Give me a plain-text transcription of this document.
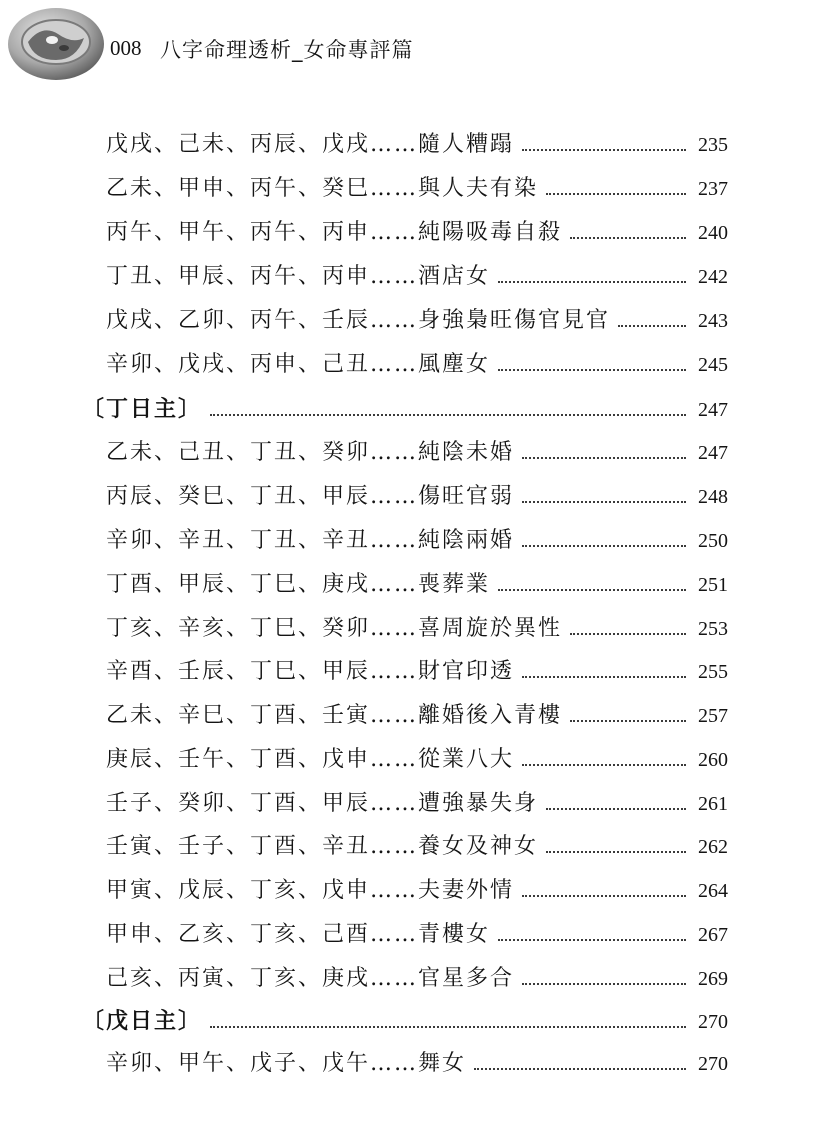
008 八字命理透析_女命專評篇
戊戌、己未、丙辰、戊戌……隨人糟蹋	235
乙未、甲申、丙午、癸巳……與人夫有染	237
丙午、甲午、丙午、丙申……純陽吸毒自殺	240
丁丑、甲辰、丙午、丙申……酒店女	242
戊戌、乙卯、丙午、壬辰……身強梟旺傷官見官	243
辛卯、戊戌、丙申、己丑……風塵女	245
〔丁日主〕	247
乙未、己丑、丁丑、癸卯……純陰未婚	247
丙辰、癸巳、丁丑、甲辰……傷旺官弱	248
辛卯、辛丑、丁丑、辛丑……純陰兩婚	250
丁酉、甲辰、丁巳、庚戌……喪葬業	251
丁亥、辛亥、丁巳、癸卯……喜周旋於異性	253
辛酉、壬辰、丁巳、甲辰……財官印透	255
乙未、辛巳、丁酉、壬寅……離婚後入青樓	257
庚辰、壬午、丁酉、戊申……從業八大	260
壬子、癸卯、丁酉、甲辰……遭強暴失身	261
壬寅、壬子、丁酉、辛丑……養女及神女	262
甲寅、戊辰、丁亥、戊申……夫妻外情	264
甲申、乙亥、丁亥、己酉……青樓女	267
己亥、丙寅、丁亥、庚戌……官星多合	269
〔戊日主〕	270
辛卯、甲午、戊子、戊午……舞女	270
